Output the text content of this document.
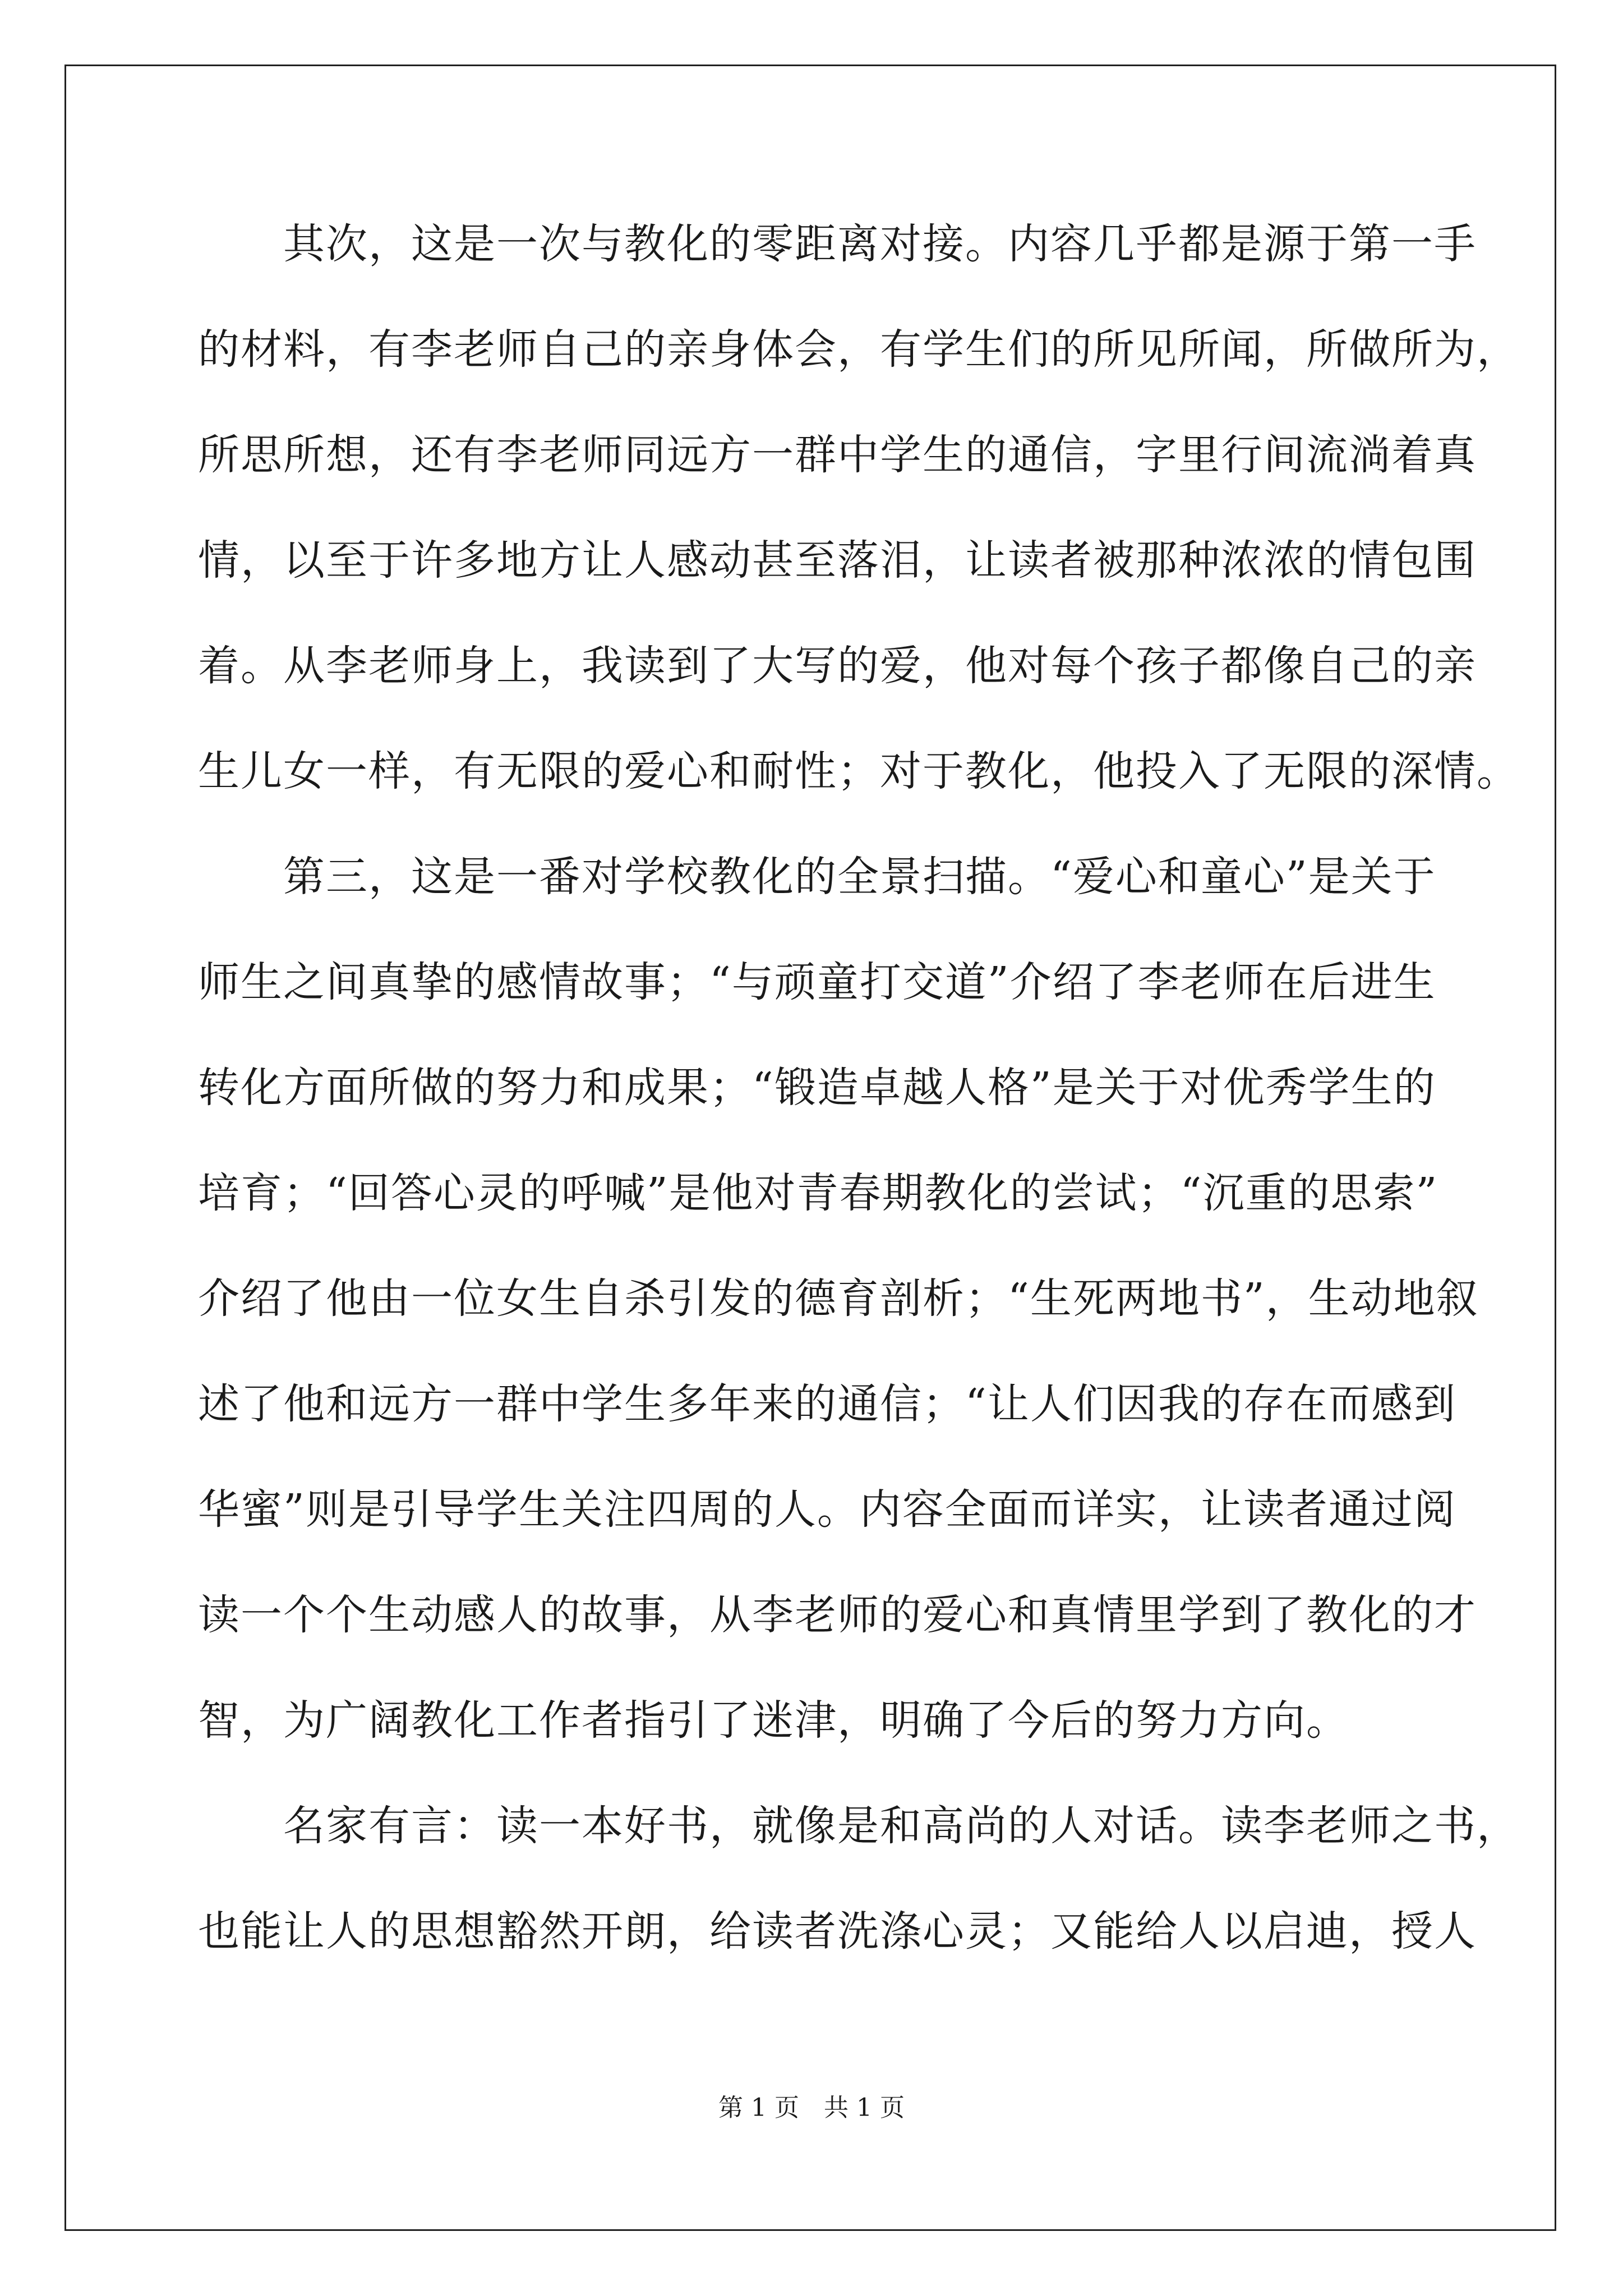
其次，这是一次与教化的零距离对接。内容几乎都是源于第一手
的材料，有李老师自己的亲身体会，有学生们的所见所闻，所做所为，
所思所想，还有李老师同远方一群中学生的通信，字里行间流淌着真
情，以至于许多地方让人感动甚至落泪，让读者被那种浓浓的情包围
着。从李老师身上，我读到了大写的爱，他对每个孩子都像自己的亲
生儿女一样，有无限的爱心和耐性；对于教化，他投入了无限的深情。
第三，这是一番对学校教化的全景扫描。“爱心和童心”是关于
师生之间真挚的感情故事；“与顽童打交道”介绍了李老师在后进生
转化方面所做的努力和成果；“锻造卓越人格”是关于对优秀学生的
培育；“回答心灵的呼喊”是他对青春期教化的尝试；“沉重的思索”
介绍了他由一位女生自杀引发的德育剖析；“生死两地书”，生动地叙
述了他和远方一群中学生多年来的通信；“让人们因我的存在而感到
华蜜”则是引导学生关注四周的人。内容全面而详实，让读者通过阅
读一个个生动感人的故事，从李老师的爱心和真情里学到了教化的才
智，为广阔教化工作者指引了迷津，明确了今后的努力方向。
名家有言：读一本好书，就像是和高尚的人对话。读李老师之书，
也能让人的思想豁然开朗，给读者洗涤心灵；又能给人以启迪，授人
第 1 页　共 1 页
